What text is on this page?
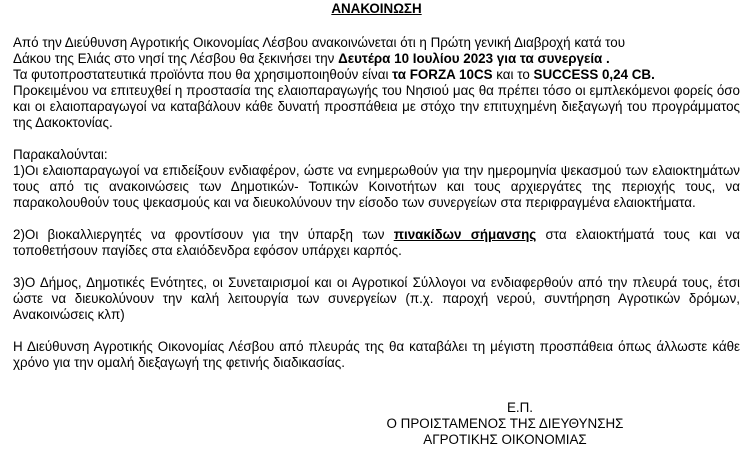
ΑΝΑΚΟΙΝΩΣΗ

Από την Διεύθυνση Αγροτικής Οικονομίας Λέσβου ανακοινώνεται ότι η Πρώτη γενική Διαβροχή κατά του

Δάκου της Ελιάς στο νησί της Λέσβου θα ξεκινήσει την Δευτέρα 10 Ιουλίου 2023 για τα συνεργεία .

Τα φυτοπροστατευτικά προϊόντα που θα χρησιμοποιηθούν είναι τα FORZA 10CS και το SUCCESS 0,24 CB.

Προκειμένου να επιτευχθεί η προστασία της ελαιοπαραγωγής του Νησιού μας θα πρέπει τόσο οι εμπλεκόμενοι φορείς όσο και οι ελαιοπαραγωγοί να καταβάλουν κάθε δυνατή προσπάθεια με στόχο την επιτυχημένη διεξαγωγή του προγράμματος της Δακοκτονίας.

Παρακαλούνται:

1)Οι ελαιοπαραγωγοί να επιδείξουν ενδιαφέρον, ώστε να ενημερωθούν για την ημερομηνία ψεκασμού των ελαιοκτημάτων τους από τις ανακοινώσεις των Δημοτικών- Τοπικών Κοινοτήτων και τους αρχιεργάτες της περιοχής τους, να παρακολουθούν τους ψεκασμούς και να διευκολύνουν την είσοδο των συνεργείων στα περιφραγμένα ελαιοκτήματα.

2)Οι βιοκαλλιεργητές να φροντίσουν για την ύπαρξη των πινακίδων σήμανσης στα ελαιοκτήματά τους και να τοποθετήσουν παγίδες στα ελαιόδενδρα εφόσον υπάρχει καρπός.

3)Ο Δήμος, Δημοτικές Ενότητες, οι Συνεταιρισμοί και οι Αγροτικοί Σύλλογοι να ενδιαφερθούν από την πλευρά τους, έτσι ώστε να διευκολύνουν την καλή λειτουργία των συνεργείων (π.χ. παροχή νερού, συντήρηση Αγροτικών δρόμων, Ανακοινώσεις κλπ)

Η Διεύθυνση Αγροτικής Οικονομίας Λέσβου από πλευράς της θα καταβάλει τη μέγιστη προσπάθεια όπως άλλωστε κάθε χρόνο για την ομαλή διεξαγωγή της φετινής διαδικασίας.

Ε.Π.
Ο ΠΡΟΙΣΤΑΜΕΝΟΣ ΤΗΣ ΔΙΕΥΘΥΝΣΗΣ
ΑΓΡΟΤΙΚΗΣ ΟΙΚΟΝΟΜΙΑΣ
